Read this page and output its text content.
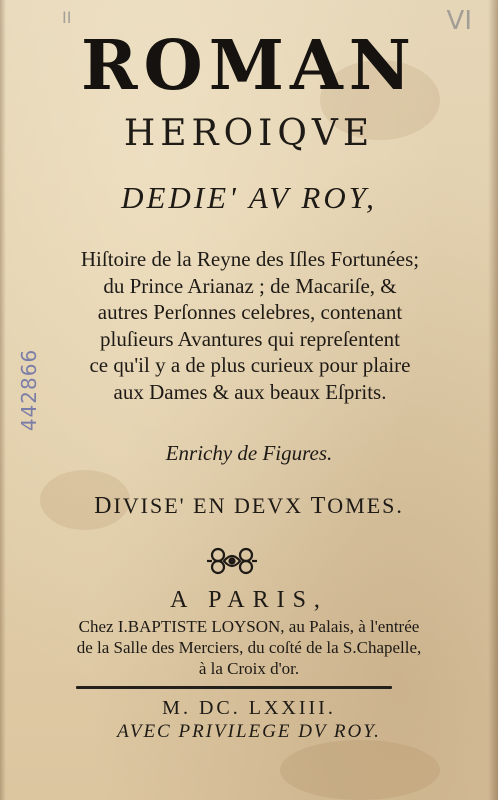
II	VI
442866
ROMAN
HEROIQVE
DEDIE' AV ROY,
Hiſtoire de la Reyne des Iſles Fortunées;
du Prince Arianaz ; de Macariſe, &
autres Perſonnes celebres, contenant
pluſieurs Avantures qui repreſentent
ce qu'il y a de plus curieux pour plaire
aux Dames & aux beaux Eſprits.
Enrichy de Figures.
DIVISE' EN DEVX TOMES.
A PARIS,
Chez I.BAPTISTE LOYSON, au Palais, à l'entrée
de la Salle des Merciers, du coſté de la S.Chapelle,
à la Croix d'or.
M. DC. LXXIII.
AVEC PRIVILEGE DV ROY.
